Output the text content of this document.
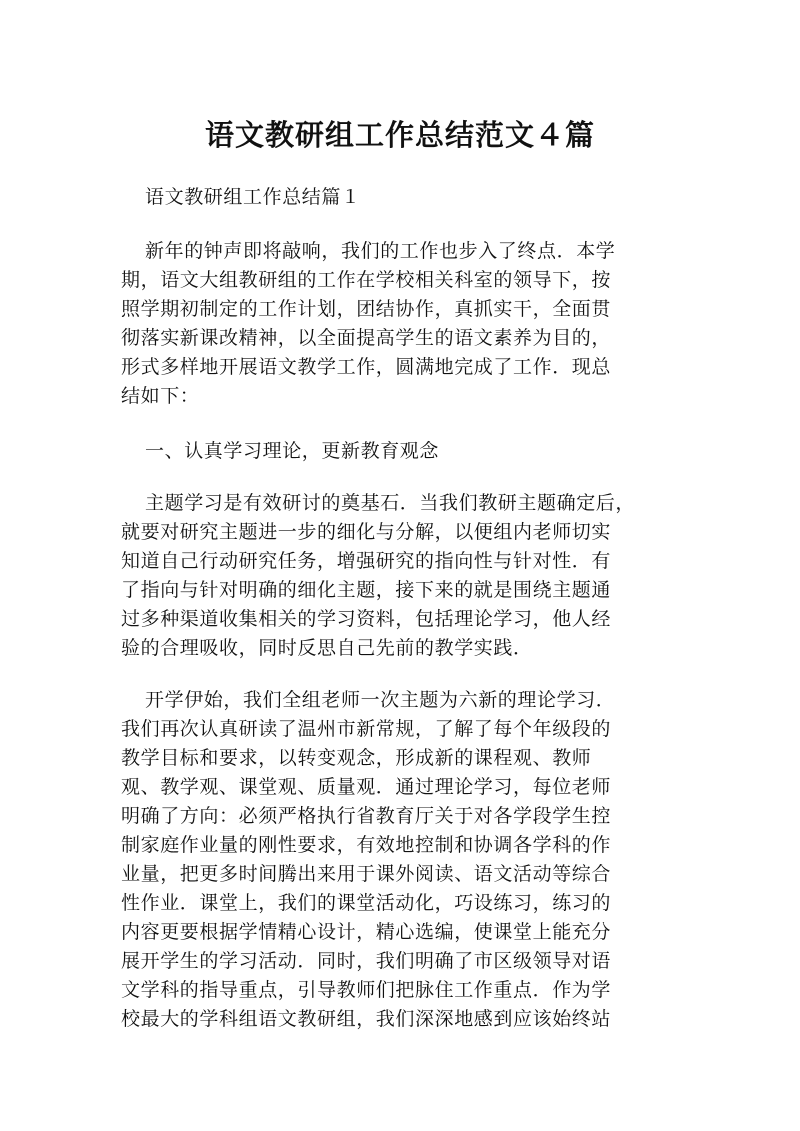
语文教研组工作总结范文４篇

语文教研组工作总结篇１

新年的钟声即将敲响，我们的工作也步入了终点．本学
期，语文大组教研组的工作在学校相关科室的领导下，按
照学期初制定的工作计划，团结协作，真抓实干，全面贯
彻落实新课改精神，以全面提高学生的语文素养为目的，
形式多样地开展语文教学工作，圆满地完成了工作．现总
结如下：
一、认真学习理论，更新教育观念
主题学习是有效研讨的奠基石．当我们教研主题确定后，
就要对研究主题进一步的细化与分解，以便组内老师切实
知道自己行动研究任务，增强研究的指向性与针对性．有
了指向与针对明确的细化主题，接下来的就是围绕主题通
过多种渠道收集相关的学习资料，包括理论学习，他人经
验的合理吸收，同时反思自己先前的教学实践．
开学伊始，我们全组老师一次主题为六新的理论学习．
我们再次认真研读了温州市新常规，了解了每个年级段的
教学目标和要求，以转变观念，形成新的课程观、教师
观、教学观、课堂观、质量观．通过理论学习，每位老师
明确了方向：必须严格执行省教育厅关于对各学段学生控
制家庭作业量的刚性要求，有效地控制和协调各学科的作
业量，把更多时间腾出来用于课外阅读、语文活动等综合
性作业．课堂上，我们的课堂活动化，巧设练习，练习的
内容更要根据学情精心设计，精心选编，使课堂上能充分
展开学生的学习活动．同时，我们明确了市区级领导对语
文学科的指导重点，引导教师们把脉住工作重点．作为学
校最大的学科组语文教研组，我们深深地感到应该始终站
